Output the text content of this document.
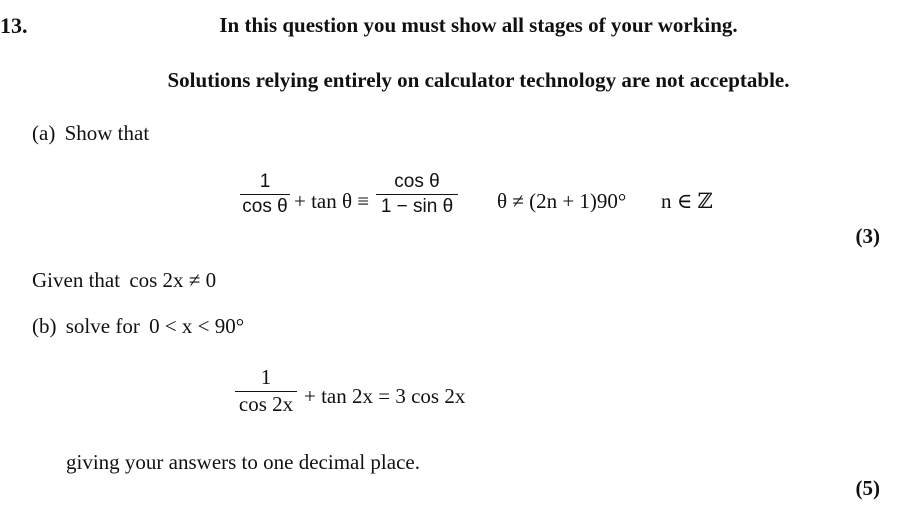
13.	In this question you must show all stages of your working.
Solutions relying entirely on calculator technology are not acceptable.
(a) Show that
1
cos θ + tan θ ≡
cos θ
1 − sin θ θ ≠ (2n + 1)90° n ∈ ℤ
(3)
Given that cos 2x ≠ 0
(b) solve for 0 < x < 90°
1
cos 2x + tan 2x = 3 cos 2x
giving your answers to one decimal place.
(5)
